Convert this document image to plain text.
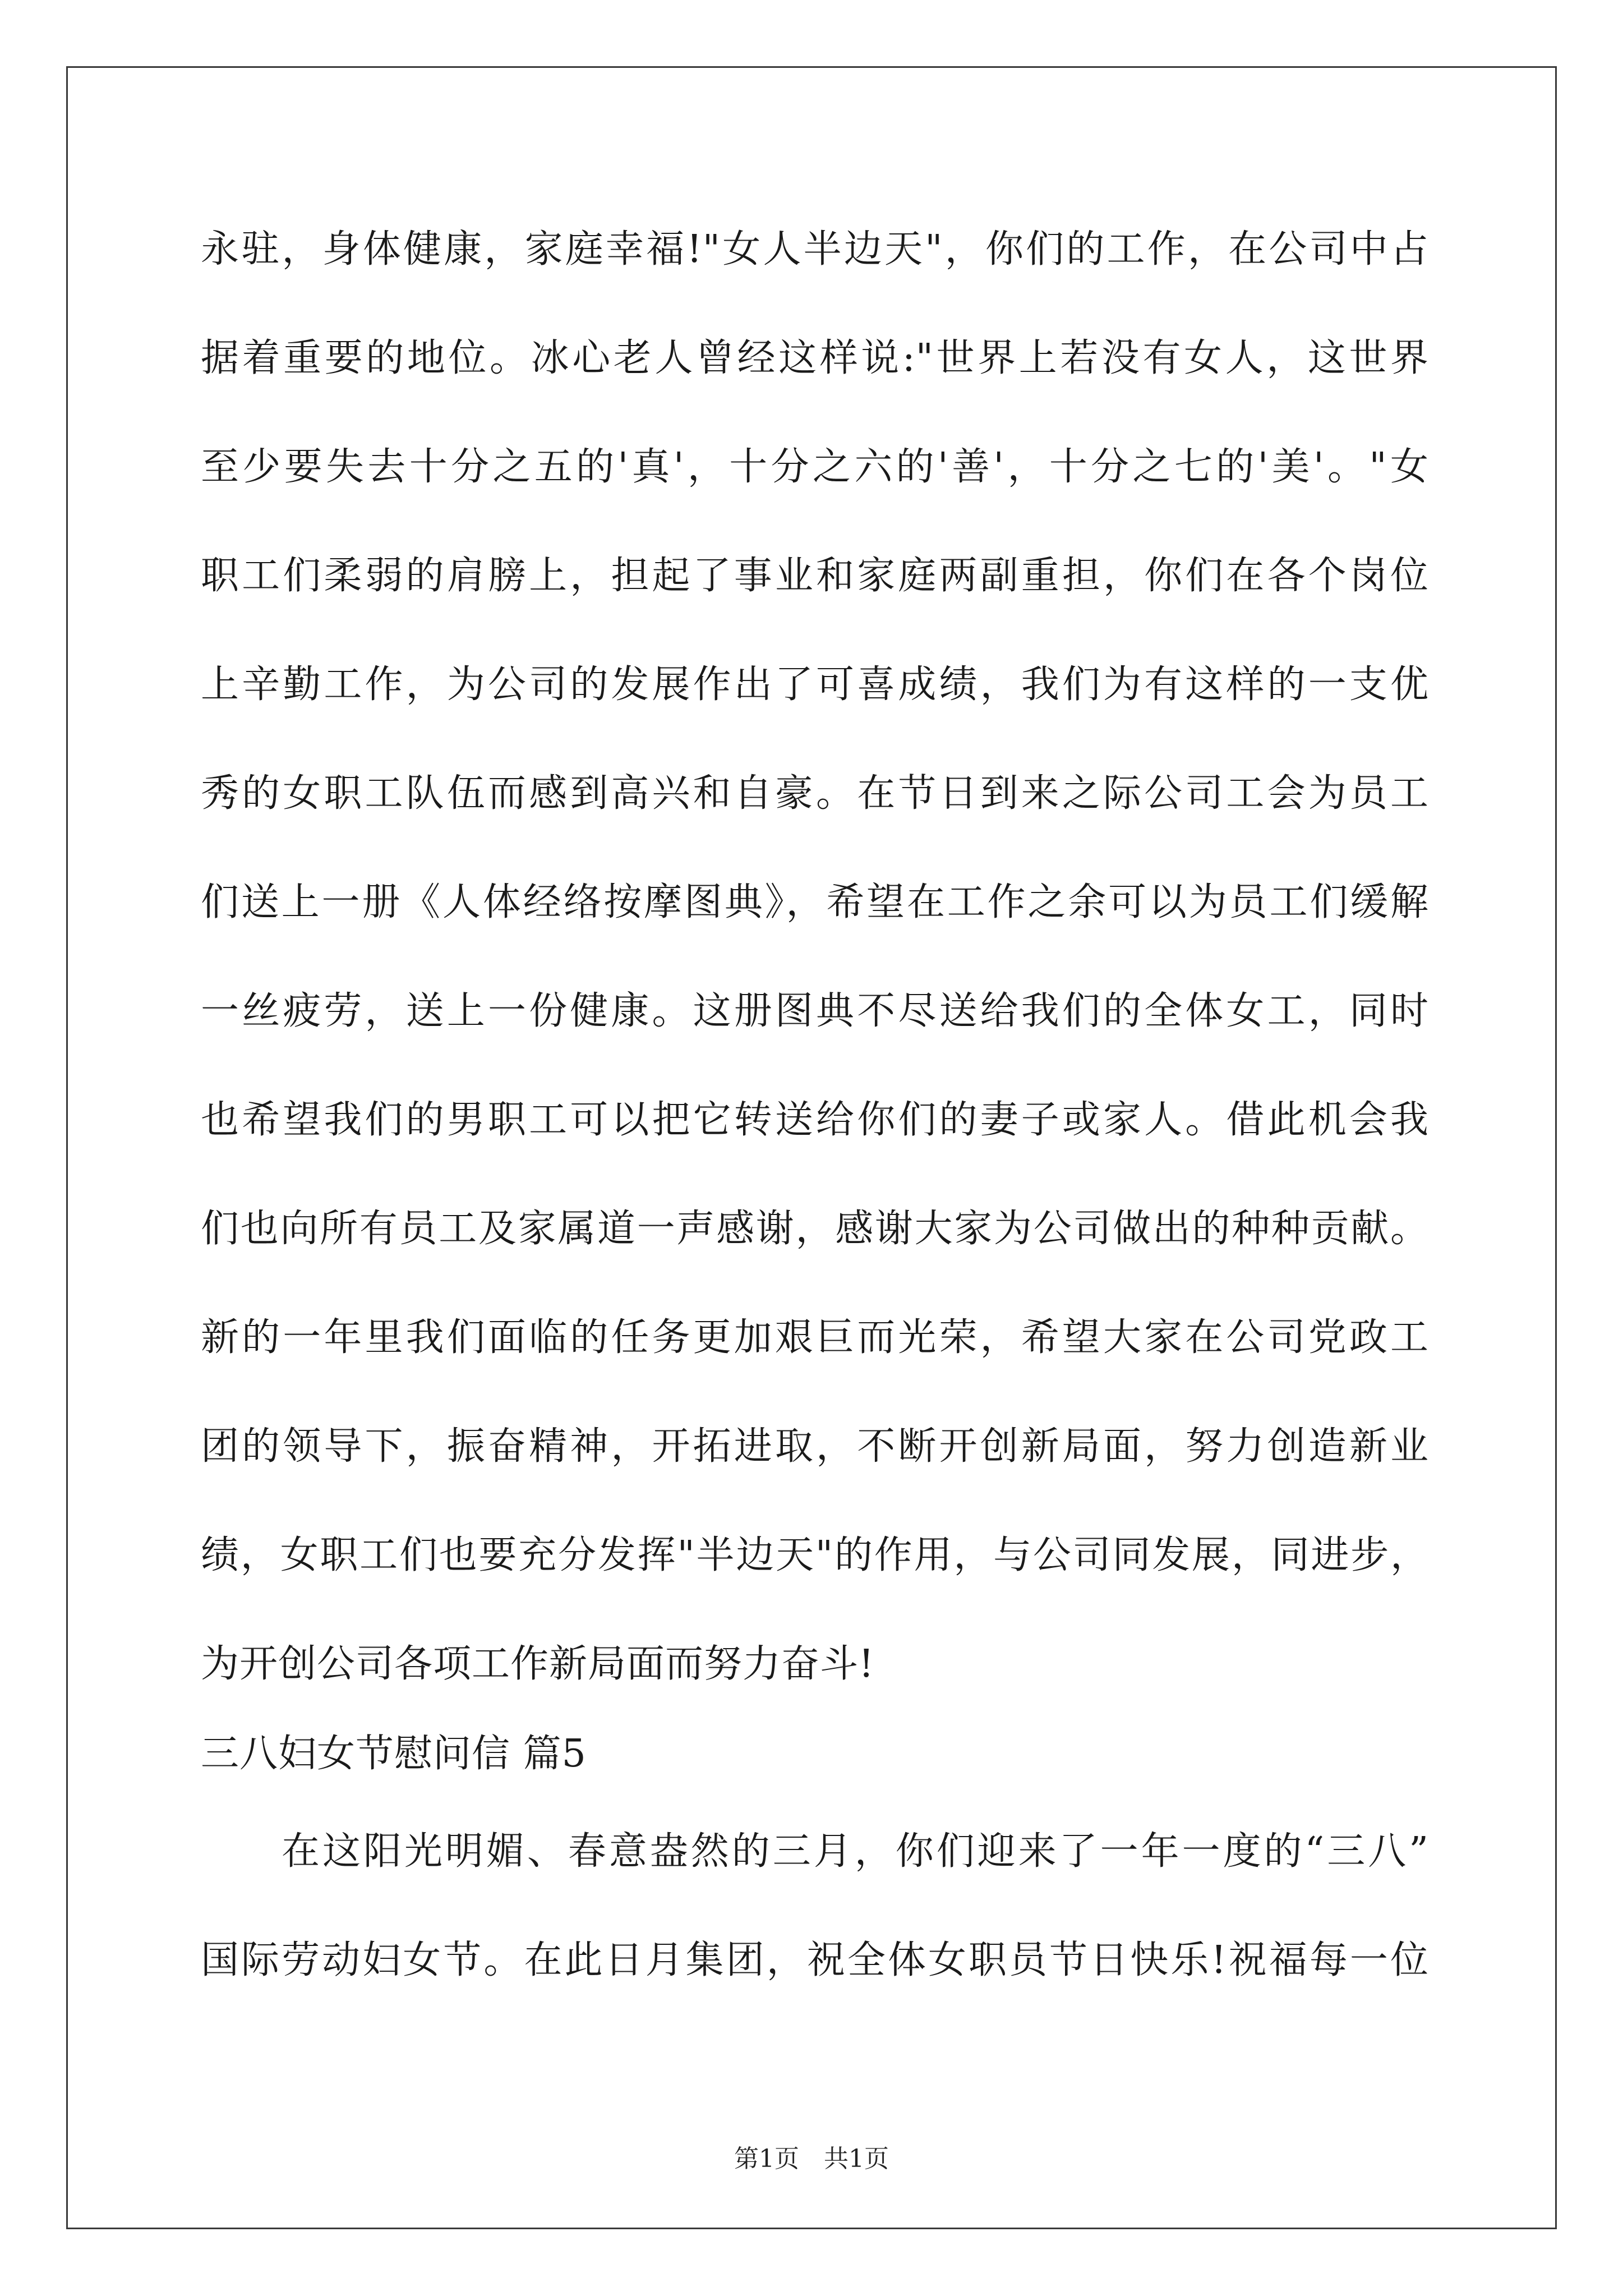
永驻，身体健康，家庭幸福!"女人半边天"，你们的工作，在公司中占
据着重要的地位。冰心老人曾经这样说:"世界上若没有女人，这世界
至少要失去十分之五的'真'，十分之六的'善'，十分之七的'美'。"女
职工们柔弱的肩膀上，担起了事业和家庭两副重担，你们在各个岗位
上辛勤工作，为公司的发展作出了可喜成绩，我们为有这样的一支优
秀的女职工队伍而感到高兴和自豪。在节日到来之际公司工会为员工
们送上一册《人体经络按摩图典》，希望在工作之余可以为员工们缓解
一丝疲劳，送上一份健康。这册图典不尽送给我们的全体女工，同时
也希望我们的男职工可以把它转送给你们的妻子或家人。借此机会我
们也向所有员工及家属道一声感谢，感谢大家为公司做出的种种贡献。
新的一年里我们面临的任务更加艰巨而光荣，希望大家在公司党政工
团的领导下，振奋精神，开拓进取，不断开创新局面，努力创造新业
绩，女职工们也要充分发挥"半边天"的作用，与公司同发展，同进步，
为开创公司各项工作新局面而努力奋斗!
三八妇女节慰问信 篇5
在这阳光明媚、春意盎然的三月，你们迎来了一年一度的“三八”
国际劳动妇女节。在此日月集团，祝全体女职员节日快乐!祝福每一位
第1页　共1页
